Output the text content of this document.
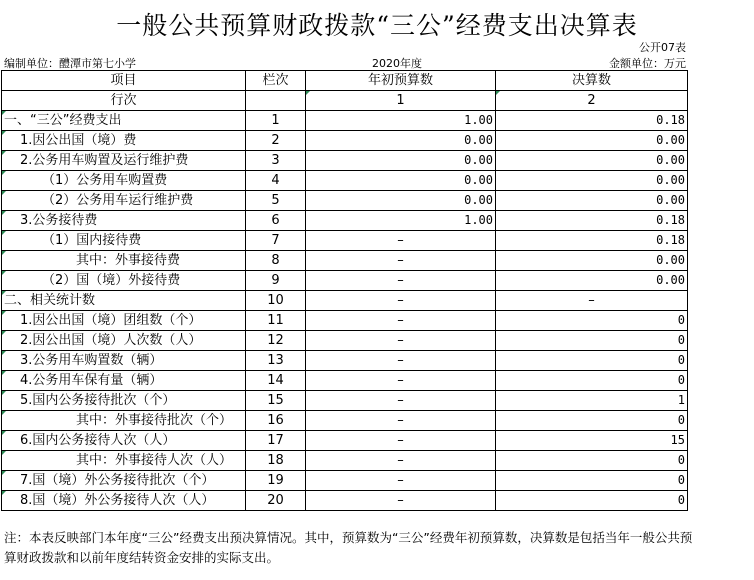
一般公共预算财政拨款“三公”经费支出决算表
公开07表
编制单位：醴潭市第七小学	2020年度	金额单位：万元
项目	栏次	年初预算数	决算数
行次		1	2
一、“三公”经费支出	1	1.00	0.18
1.因公出国（境）费	2	0.00	0.00
2.公务用车购置及运行维护费	3	0.00	0.00
（1）公务用车购置费	4	0.00	0.00
（2）公务用车运行维护费	5	0.00	0.00
3.公务接待费	6	1.00	0.18
（1）国内接待费	7	–	0.18
其中：外事接待费	8	–	0.00
（2）国（境）外接待费	9	–	0.00
二、相关统计数	10	–	–
1.因公出国（境）团组数（个）	11	–	0
2.因公出国（境）人次数（人）	12	–	0
3.公务用车购置数（辆）	13	–	0
4.公务用车保有量（辆）	14	–	0
5.国内公务接待批次（个）	15	–	1
其中：外事接待批次（个）	16	–	0
6.国内公务接待人次（人）	17	–	15
其中：外事接待人次（人）	18	–	0
7.国（境）外公务接待批次（个）	19	–	0
8.国（境）外公务接待人次（人）	20	–	0
注：本表反映部门本年度“三公”经费支出预决算情况。其中，预算数为“三公”经费年初预算数，决算数是包括当年一般公共预算财政拨款和以前年度结转资金安排的实际支出。
